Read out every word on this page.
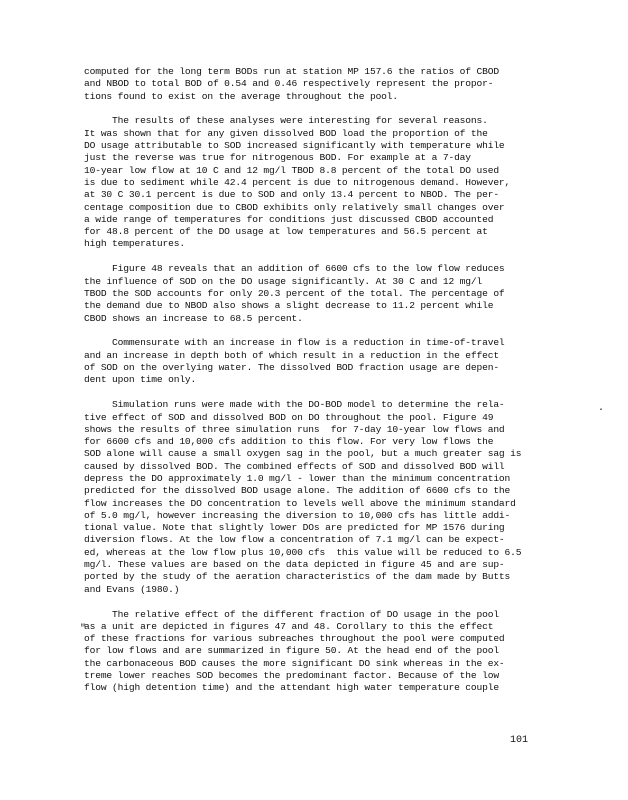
computed for the long term BODs run at station MP 157.6 the ratios of CBOD
and NBOD to total BOD of 0.54 and 0.46 respectively represent the propor-
tions found to exist on the average throughout the pool.
The results of these analyses were interesting for several reasons.
It was shown that for any given dissolved BOD load the proportion of the
DO usage attributable to SOD increased significantly with temperature while
just the reverse was true for nitrogenous BOD. For example at a 7-day
10-year low flow at 10 C and 12 mg/l TBOD 8.8 percent of the total DO used
is due to sediment while 42.4 percent is due to nitrogenous demand. However,
at 30 C 30.1 percent is due to SOD and only 13.4 percent to NBOD. The per-
centage composition due to CBOD exhibits only relatively small changes over
a wide range of temperatures for conditions just discussed CBOD accounted
for 48.8 percent of the DO usage at low temperatures and 56.5 percent at
high temperatures.
Figure 48 reveals that an addition of 6600 cfs to the low flow reduces
the influence of SOD on the DO usage significantly. At 30 C and 12 mg/l
TBOD the SOD accounts for only 20.3 percent of the total. The percentage of
the demand due to NBOD also shows a slight decrease to 11.2 percent while
CBOD shows an increase to 68.5 percent.
Commensurate with an increase in flow is a reduction in time-of-travel
and an increase in depth both of which result in a reduction in the effect
of SOD on the overlying water. The dissolved BOD fraction usage are depen-
dent upon time only.
Simulation runs were made with the DO-BOD model to determine the rela-
tive effect of SOD and dissolved BOD on DO throughout the pool. Figure 49
shows the results of three simulation runs  for 7-day 10-year low flows and
for 6600 cfs and 10,000 cfs addition to this flow. For very low flows the
SOD alone will cause a small oxygen sag in the pool, but a much greater sag is
caused by dissolved BOD. The combined effects of SOD and dissolved BOD will
depress the DO approximately 1.0 mg/l - lower than the minimum concentration
predicted for the dissolved BOD usage alone. The addition of 6600 cfs to the
flow increases the DO concentration to levels well above the minimum standard
of 5.0 mg/l, however increasing the diversion to 10,000 cfs has little addi-
tional value. Note that slightly lower DOs are predicted for MP 1576 during
diversion flows. At the low flow a concentration of 7.1 mg/l can be expect-
ed, whereas at the low flow plus 10,000 cfs  this value will be reduced to 6.5
mg/l. These values are based on the data depicted in figure 45 and are sup-
ported by the study of the aeration characteristics of the dam made by Butts
and Evans (1980.)
The relative effect of the different fraction of DO usage in the pool
as a unit are depicted in figures 47 and 48. Corollary to this the effect
of these fractions for various subreaches throughout the pool were computed
for low flows and are summarized in figure 50. At the head end of the pool
the carbonaceous BOD causes the more significant DO sink whereas in the ex-
treme lower reaches SOD becomes the predominant factor. Because of the low
flow (high detention time) and the attendant high water temperature couple
101
.
"
